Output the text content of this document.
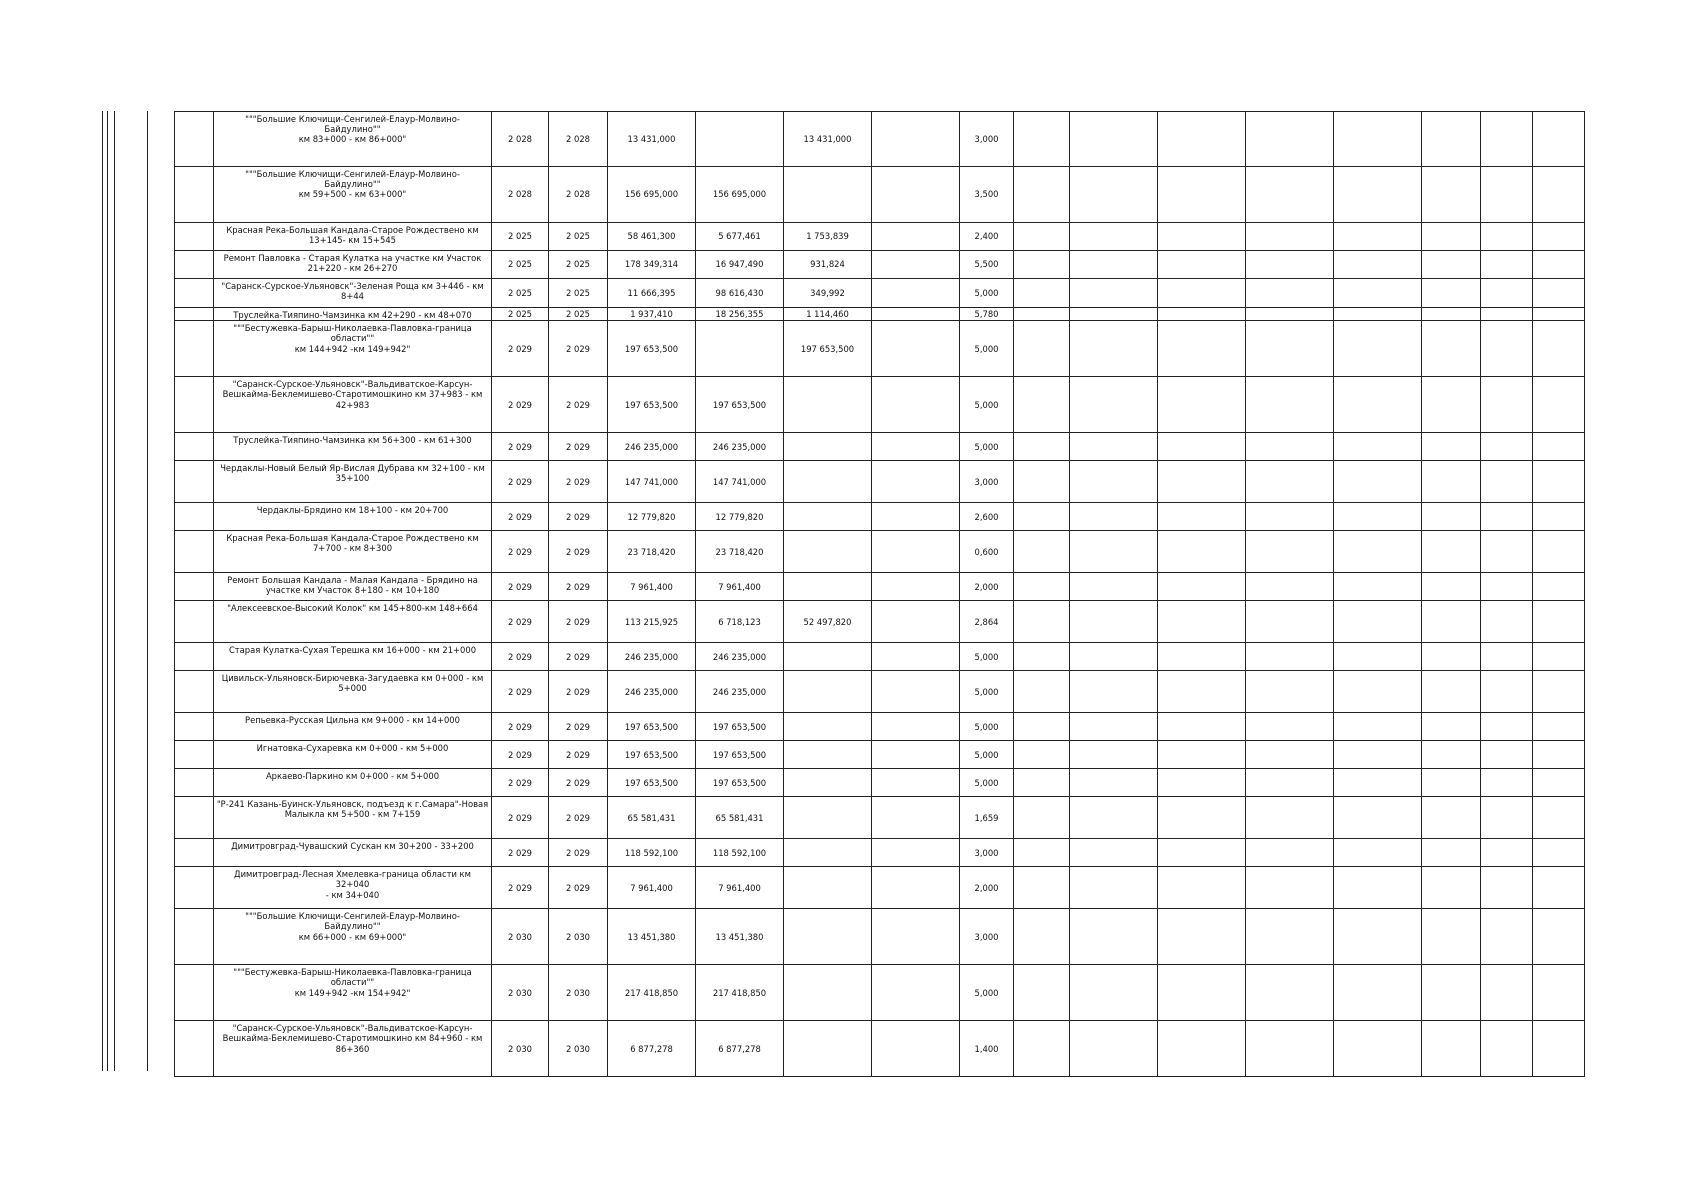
	"""Большие Ключищи-Сенгилей-Елаур-Молвино-
Байдулино""
км 83+000 - км 86+000"	2 028	2 028	13 431,000		13 431,000		3,000								
	"""Большие Ключищи-Сенгилей-Елаур-Молвино-
Байдулино""
км 59+500 - км 63+000"	2 028	2 028	156 695,000	156 695,000			3,500								
	Красная Река-Большая Кандала-Старое Рождествено км
13+145- км 15+545	2 025	2 025	58 461,300	5 677,461	1 753,839		2,400								
	Ремонт Павловка - Старая Кулатка на участке км Участок
21+220 - км 26+270	2 025	2 025	178 349,314	16 947,490	931,824		5,500								
	"Саранск-Сурское-Ульяновск"-Зеленая Роща км 3+446 - км
8+44	2 025	2 025	11 666,395	98 616,430	349,992		5,000								
	Труслейка-Тияпино-Чамзинка км 42+290 - км 48+070	2 025	2 025	1 937,410	18 256,355	1 114,460		5,780								
	"""Бестужевка-Барыш-Николаевка-Павловка-граница
области""
км 144+942 -км 149+942"	2 029	2 029	197 653,500		197 653,500		5,000								
	"Саранск-Сурское-Ульяновск"-Вальдиватское-Карсун-
Вешкайма-Беклемишево-Старотимошкино км 37+983 - км
42+983	2 029	2 029	197 653,500	197 653,500			5,000								
	Труслейка-Тияпино-Чамзинка км 56+300 - км 61+300	2 029	2 029	246 235,000	246 235,000			5,000								
	Чердаклы-Новый Белый Яр-Вислая Дубрава км 32+100 - км
35+100	2 029	2 029	147 741,000	147 741,000			3,000								
	Чердаклы-Брядино км 18+100 - км 20+700	2 029	2 029	12 779,820	12 779,820			2,600								
	Красная Река-Большая Кандала-Старое Рождествено км
7+700 - км 8+300	2 029	2 029	23 718,420	23 718,420			0,600								
	Ремонт Большая Кандала - Малая Кандала - Брядино на
участке км Участок 8+180 - км 10+180	2 029	2 029	7 961,400	7 961,400			2,000								
	"Алексеевское-Высокий Колок" км 145+800-км 148+664	2 029	2 029	113 215,925	6 718,123	52 497,820		2,864								
	Старая Кулатка-Сухая Терешка км 16+000 - км 21+000	2 029	2 029	246 235,000	246 235,000			5,000								
	Цивильск-Ульяновск-Бирючевка-Загудаевка км 0+000 - км
5+000	2 029	2 029	246 235,000	246 235,000			5,000								
	Репьевка-Русская Цильна км 9+000 - км 14+000	2 029	2 029	197 653,500	197 653,500			5,000								
	Игнатовка-Сухаревка км 0+000 - км 5+000	2 029	2 029	197 653,500	197 653,500			5,000								
	Аркаево-Паркино км 0+000 - км 5+000	2 029	2 029	197 653,500	197 653,500			5,000								
	"Р-241 Казань-Буинск-Ульяновск, подъезд к г.Самара"-Новая
Малыкла км 5+500 - км 7+159	2 029	2 029	65 581,431	65 581,431			1,659								
	Димитровград-Чувашский Сускан км 30+200 - 33+200	2 029	2 029	118 592,100	118 592,100			3,000								
	Димитровград-Лесная Хмелевка-граница области км 32+040
- км 34+040	2 029	2 029	7 961,400	7 961,400			2,000								
	"""Большие Ключищи-Сенгилей-Елаур-Молвино-
Байдулино""
км 66+000 - км 69+000"	2 030	2 030	13 451,380	13 451,380			3,000								
	"""Бестужевка-Барыш-Николаевка-Павловка-граница
области""
км 149+942 -км 154+942"	2 030	2 030	217 418,850	217 418,850			5,000								
	"Саранск-Сурское-Ульяновск"-Вальдиватское-Карсун-
Вешкайма-Беклемишево-Старотимошкино км 84+960 - км
86+360	2 030	2 030	6 877,278	6 877,278			1,400								
